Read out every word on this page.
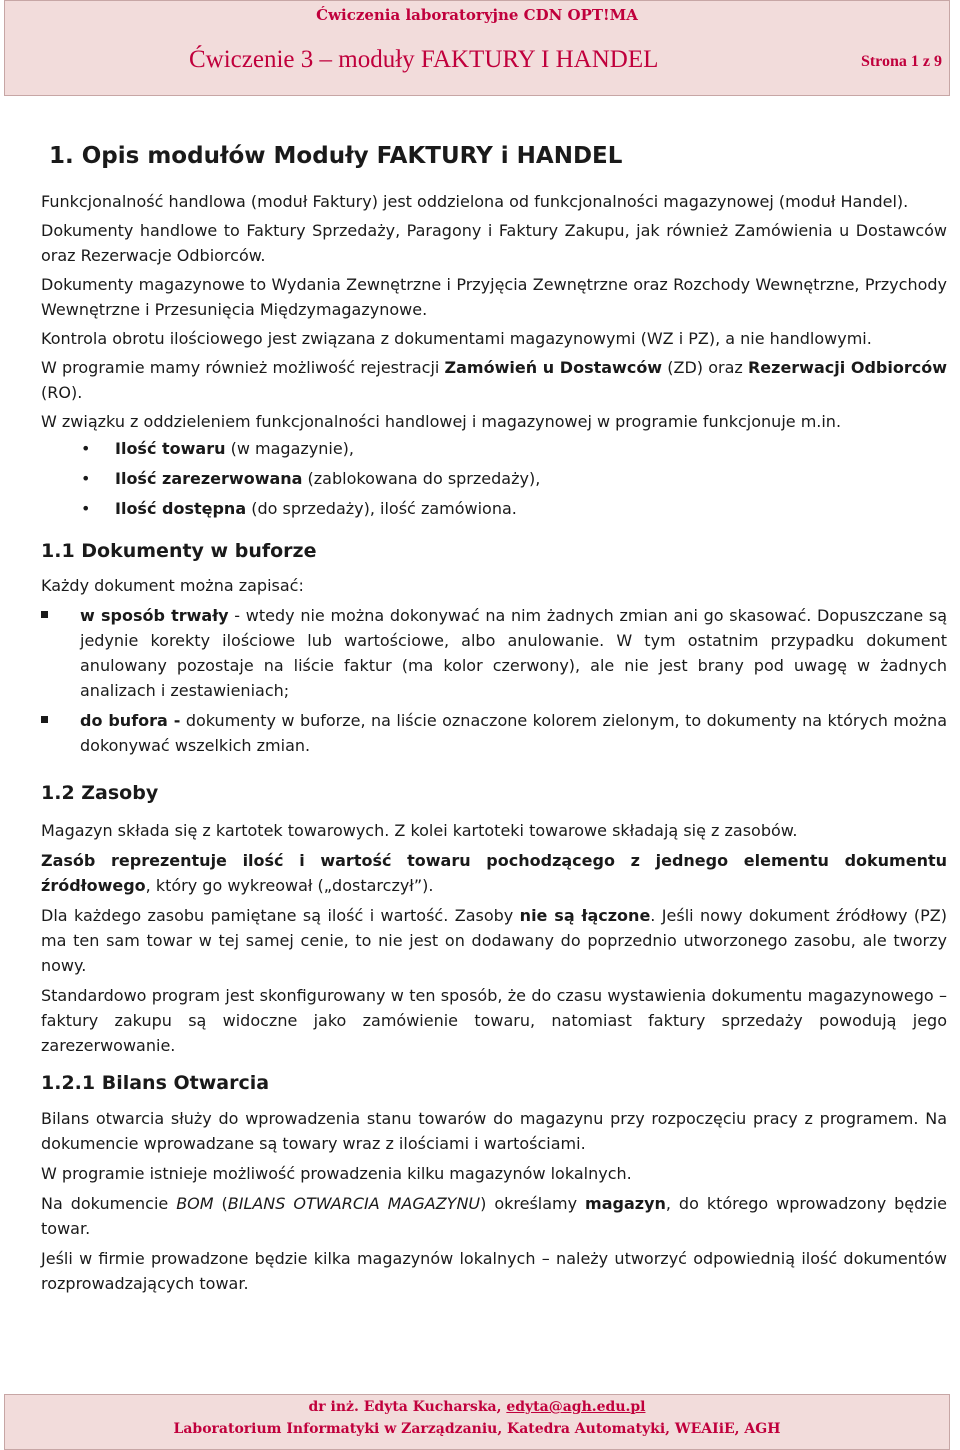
Ćwiczenia laboratoryjne CDN OPT!MA
Ćwiczenie 3 – moduły FAKTURY I HANDEL	Strona 1 z 9
1. Opis modułów Moduły FAKTURY i HANDEL

Funkcjonalność handlowa (moduł Faktury) jest oddzielona od funkcjonalności magazynowej (moduł Handel).

Dokumenty handlowe to Faktury Sprzedaży, Paragony i Faktury Zakupu, jak również Zamówienia u Dostawców oraz Rezerwacje Odbiorców.

Dokumenty magazynowe to Wydania Zewnętrzne i Przyjęcia Zewnętrzne oraz Rozchody Wewnętrzne, Przychody Wewnętrzne i Przesunięcia Międzymagazynowe.

Kontrola obrotu ilościowego jest związana z dokumentami magazynowymi (WZ i PZ), a nie handlowymi.

W programie mamy również możliwość rejestracji Zamówień u Dostawców (ZD) oraz Rezerwacji Odbiorców (RO).

W związku z oddzieleniem funkcjonalności handlowej i magazynowej w programie funkcjonuje m.in.

• Ilość towaru (w magazynie),
• Ilość zarezerwowana (zablokowana do sprzedaży),
• Ilość dostępna (do sprzedaży), ilość zamówiona.
1.1 Dokumenty w buforze

Każdy dokument można zapisać:

w sposób trwały - wtedy nie można dokonywać na nim żadnych zmian ani go skasować. Dopuszczane są jedynie korekty ilościowe lub wartościowe, albo anulowanie. W tym ostatnim przypadku dokument anulowany pozostaje na liście faktur (ma kolor czerwony), ale nie jest brany pod uwagę w żadnych analizach i zestawieniach;
do bufora - dokumenty w buforze, na liście oznaczone kolorem zielonym, to dokumenty na których można dokonywać wszelkich zmian.
1.2 Zasoby

Magazyn składa się z kartotek towarowych. Z kolei kartoteki towarowe składają się z zasobów.

Zasób reprezentuje ilość i wartość towaru pochodzącego z jednego elementu dokumentu źródłowego, który go wykreował („dostarczył”).

Dla każdego zasobu pamiętane są ilość i wartość. Zasoby nie są łączone. Jeśli nowy dokument źródłowy (PZ) ma ten sam towar w tej samej cenie, to nie jest on dodawany do poprzednio utworzonego zasobu, ale tworzy nowy.

Standardowo program jest skonfigurowany w ten sposób, że do czasu wystawienia dokumentu magazynowego – faktury zakupu są widoczne jako zamówienie towaru, natomiast faktury sprzedaży powodują jego zarezerwowanie.

1.2.1 Bilans Otwarcia

Bilans otwarcia służy do wprowadzenia stanu towarów do magazynu przy rozpoczęciu pracy z programem. Na dokumencie wprowadzane są towary wraz z ilościami i wartościami.

W programie istnieje możliwość prowadzenia kilku magazynów lokalnych.

Na dokumencie BOM (BILANS OTWARCIA MAGAZYNU) określamy magazyn, do którego wprowadzony będzie towar.

Jeśli w firmie prowadzone będzie kilka magazynów lokalnych – należy utworzyć odpowiednią ilość dokumentów rozprowadzających towar.

dr inż. Edyta Kucharska, edyta@agh.edu.pl
Laboratorium Informatyki w Zarządzaniu, Katedra Automatyki, WEAIiE, AGH
